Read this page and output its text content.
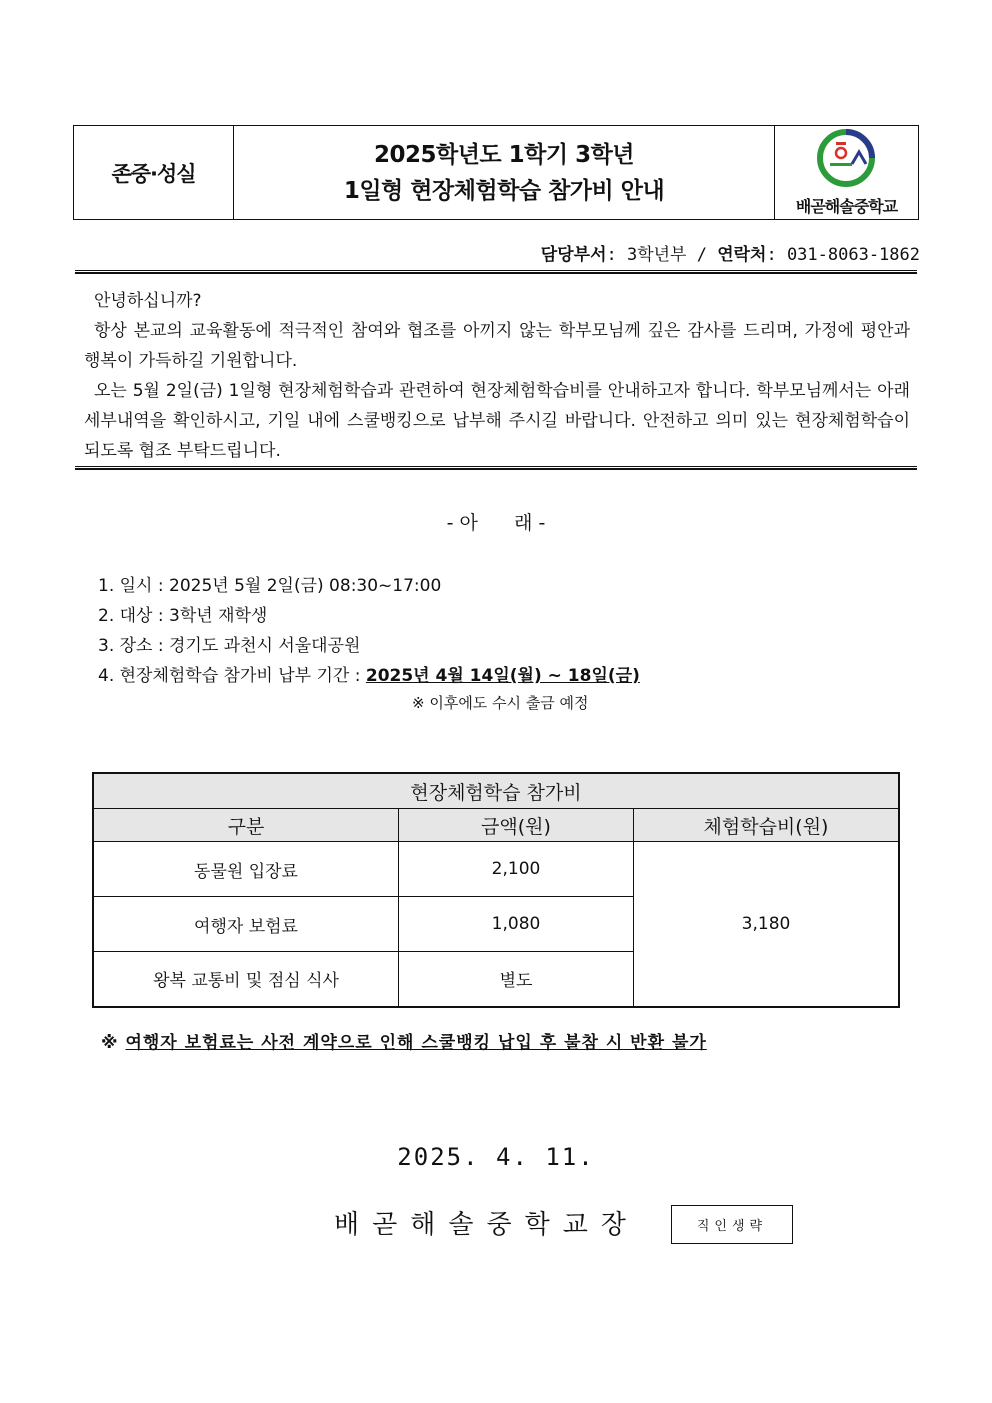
존중·성실
2025학년도 1학기 3학년
1일형 현장체험학습 참가비 안내
배곧해솔중학교
담당부서: 3학년부 / 연락처: 031-8063-1862

안녕하십니까?

항상 본교의 교육활동에 적극적인 참여와 협조를 아끼지 않는 학부모님께 깊은 감사를 드리며, 가정에 평안과 행복이 가득하길 기원합니다.

오는 5월 2일(금) 1일형 현장체험학습과 관련하여 현장체험학습비를 안내하고자 합니다. 학부모님께서는 아래 세부내역을 확인하시고, 기일 내에 스쿨뱅킹으로 납부해 주시길 바랍니다. 안전하고 의미 있는 현장체험학습이 되도록 협조 부탁드립니다.

- 아      래 -
1. 일시 : 2025년 5월 2일(금) 08:30~17:00
2. 대상 : 3학년 재학생
3. 장소 : 경기도 과천시 서울대공원
4. 현장체험학습 참가비 납부 기간 : 2025년 4월 14일(월) ~ 18일(금)
※ 이후에도 수시 출금 예정
현장체험학습 참가비		
구분	금액(원)	체험학습비(원)
동물원 입장료	2,100	3,180
여행자 보험료	1,080	
왕복 교통비 및 점심 식사	별도	
※ 여행자 보험료는 사전 계약으로 인해 스쿨뱅킹 납입 후 불참 시 반환 불가
2025. 4. 11.
배곧해솔중학교장	직인생략
